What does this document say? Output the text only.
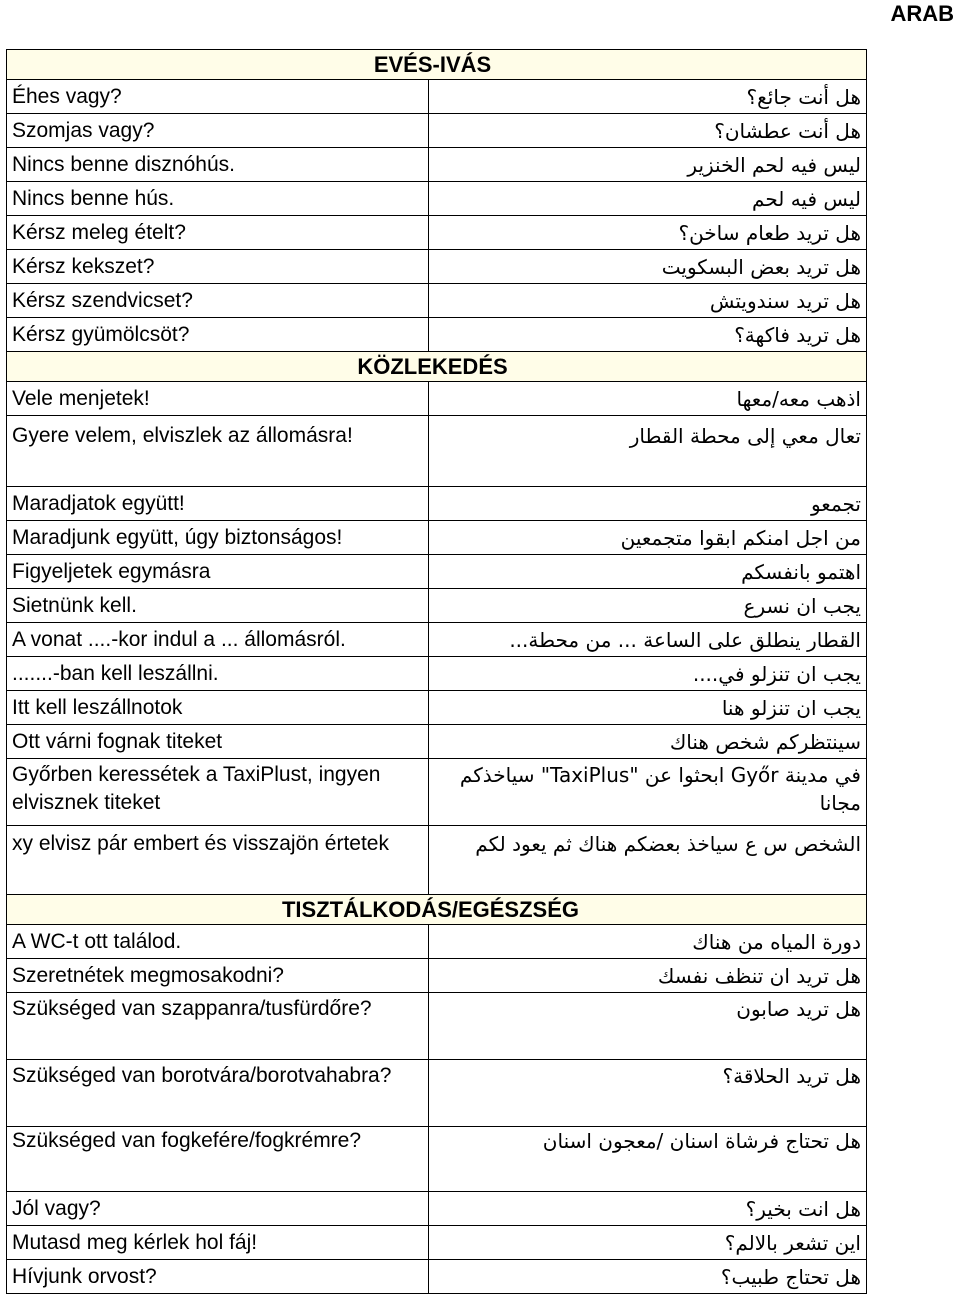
ARAB
EVÉS-IVÁS	
Éhes vagy?	هل أنت جائع؟
Szomjas vagy?	هل أنت عطشان؟
Nincs benne disznóhús.	ليس فيه لحم الخنزير
Nincs benne hús.	ليس فيه لحم
Kérsz meleg ételt?	هل تريد طعام ساخن؟
Kérsz kekszet?	هل تريد بعض البسكويت
Kérsz szendvicset?	هل تريد سندويتش
Kérsz gyümölcsöt?	هل تريد فاكهة؟
KÖZLEKEDÉS	
Vele menjetek!	اذهب معه/معها
Gyere velem, elviszlek az állomásra!	تعال معي إلى محطة القطار
Maradjatok együtt!	تجمعو
Maradjunk együtt, úgy biztonságos!	من اجل امنكم ابقوا متجمعين
Figyeljetek egymásra	اهتمو بانفسكم
Sietnünk kell.	يجب ان نسرع
A vonat ....-kor indul a ... állomásról.	القطار ينطلق على الساعة ... من محطة...
.......-ban kell leszállni.	يجب ان تنزلو في....
Itt kell leszállnotok	يجب ان تنزلو هنا
Ott várni fognak titeket	سينتظركم شخص هناك
Győrben keressétek a TaxiPlust, ingyen elvisznek titeket	في مدينة Győr ابحثوا عن "TaxiPlus" سياخذكم مجانا
xy elvisz pár embert és visszajön értetek	الشخص س ع سياخذ بعضكم هناك ثم يعود لكم
TISZTÁLKODÁS/EGÉSZSÉG	
A WC-t ott találod.	دورة المياه من هناك
Szeretnétek megmosakodni?	هل تريد ان تنظف نفسك
Szükséged van szappanra/tusfürdőre?	هل تريد صابون
Szükséged van borotvára/borotvahabra?	هل تريد الحلاقة؟
Szükséged van fogkefére/fogkrémre?	هل تحتاج فرشاة اسنان /معجون اسنان
Jól vagy?	هل انت بخير؟
Mutasd meg kérlek hol fáj!	اين تشعر بالالم؟
Hívjunk orvost?	هل تحتاج طبيب؟
